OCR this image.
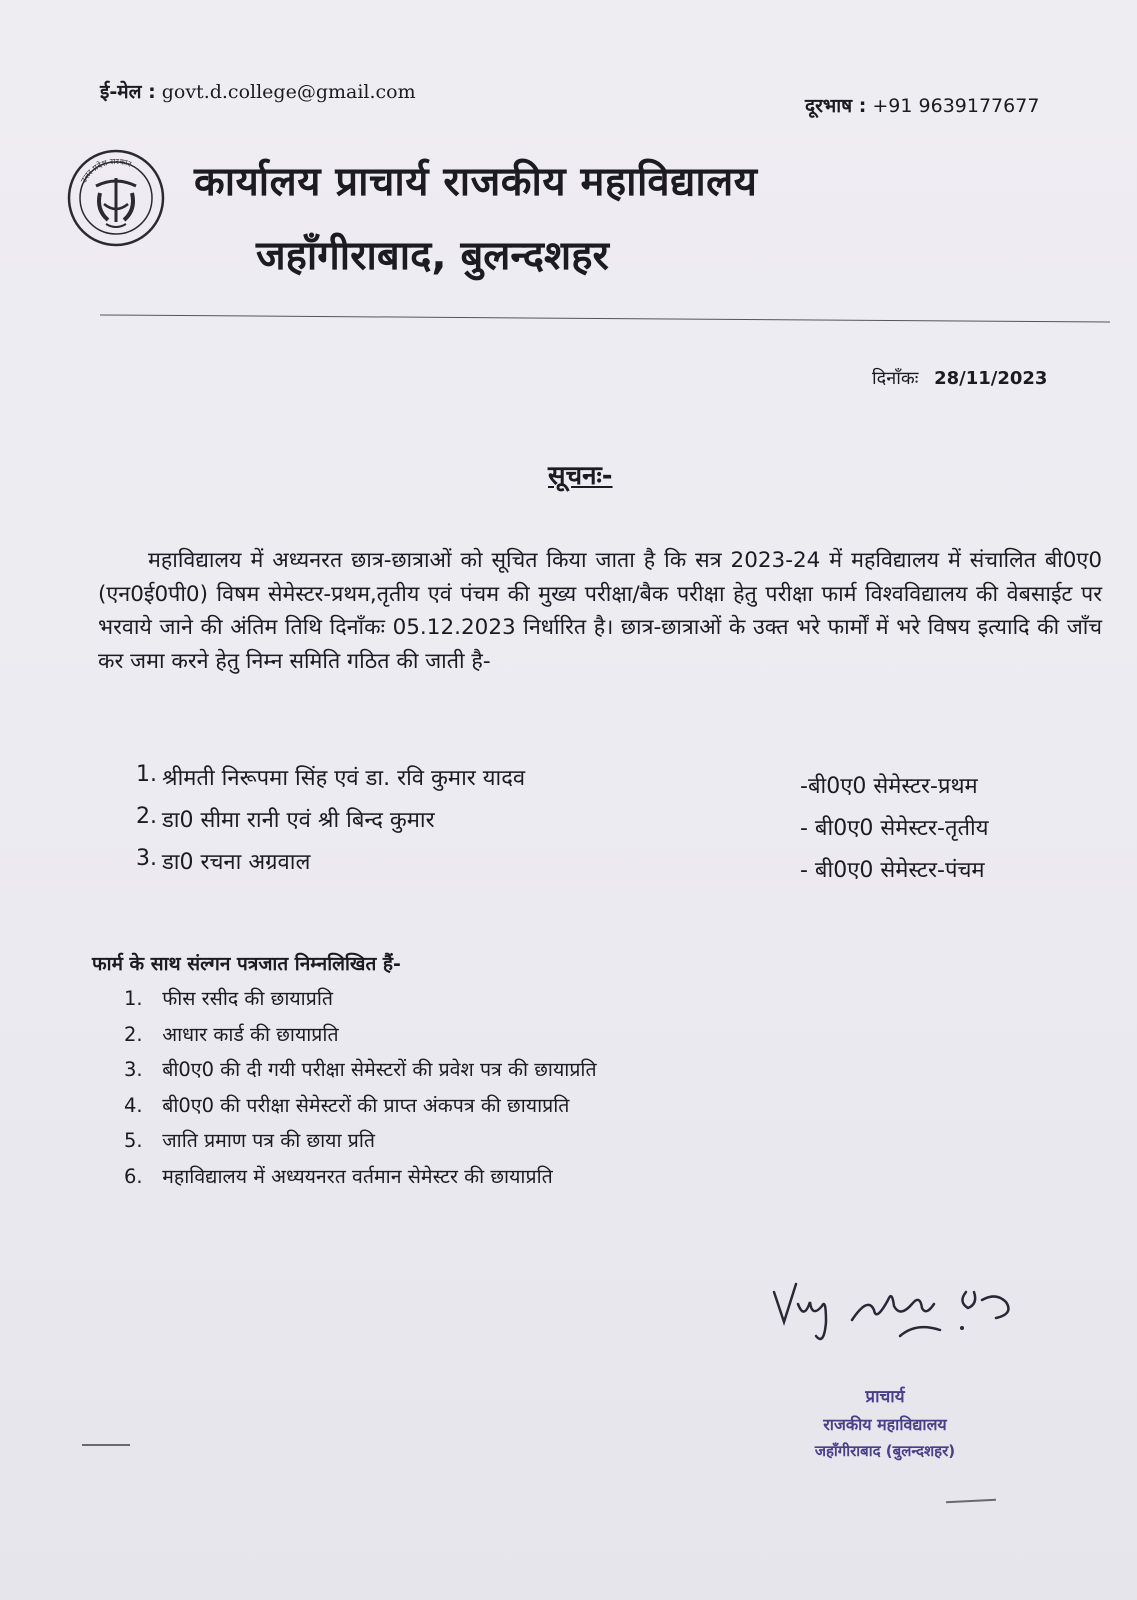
ई-मेल : govt.d.college@gmail.com
दूरभाष : +91 9639177677
उत्तर प्रदेश सरकार कार्यालय प्राचार्य राजकीय महाविद्यालय
जहाँगीराबाद, बुलन्दशहर
दिनाँकः 28/11/2023
सूचनः-
महाविद्यालय में अध्यनरत छात्र-छात्राओं को सूचित किया जाता है कि सत्र 2023-24 में महविद्यालय में संचालित बी0ए0 (एन0ई0पी0) विषम सेमेस्टर-प्रथम,तृतीय एवं पंचम की मुख्य परीक्षा/बैक परीक्षा हेतु परीक्षा फार्म विश्वविद्यालय की वेबसाईट पर भरवाये जाने की अंतिम तिथि दिनाँकः 05.12.2023 निर्धारित है। छात्र-छात्राओं के उक्त भरे फार्मों में भरे विषय इत्यादि की जाँच कर जमा करने हेतु निम्न समिति गठित की जाती है-
1. श्रीमती निरूपमा सिंह एवं डा. रवि कुमार यादव	-बी0ए0 सेमेस्टर-प्रथम
2. डा0 सीमा रानी एवं श्री बिन्द कुमार	- बी0ए0 सेमेस्टर-तृतीय
3. डा0 रचना अग्रवाल	- बी0ए0 सेमेस्टर-पंचम
फार्म के साथ संल्गन पत्रजात निम्नलिखित हैं-
1. फीस रसीद की छायाप्रति
2. आधार कार्ड की छायाप्रति
3. बी0ए0 की दी गयी परीक्षा सेमेस्टरों की प्रवेश पत्र की छायाप्रति
4. बी0ए0 की परीक्षा सेमेस्टरों की प्राप्त अंकपत्र की छायाप्रति
5. जाति प्रमाण पत्र की छाया प्रति
6. महाविद्यालय में अध्ययनरत वर्तमान सेमेस्टर की छायाप्रति
प्राचार्य
राजकीय महाविद्यालय
जहाँगीराबाद (बुलन्दशहर)
